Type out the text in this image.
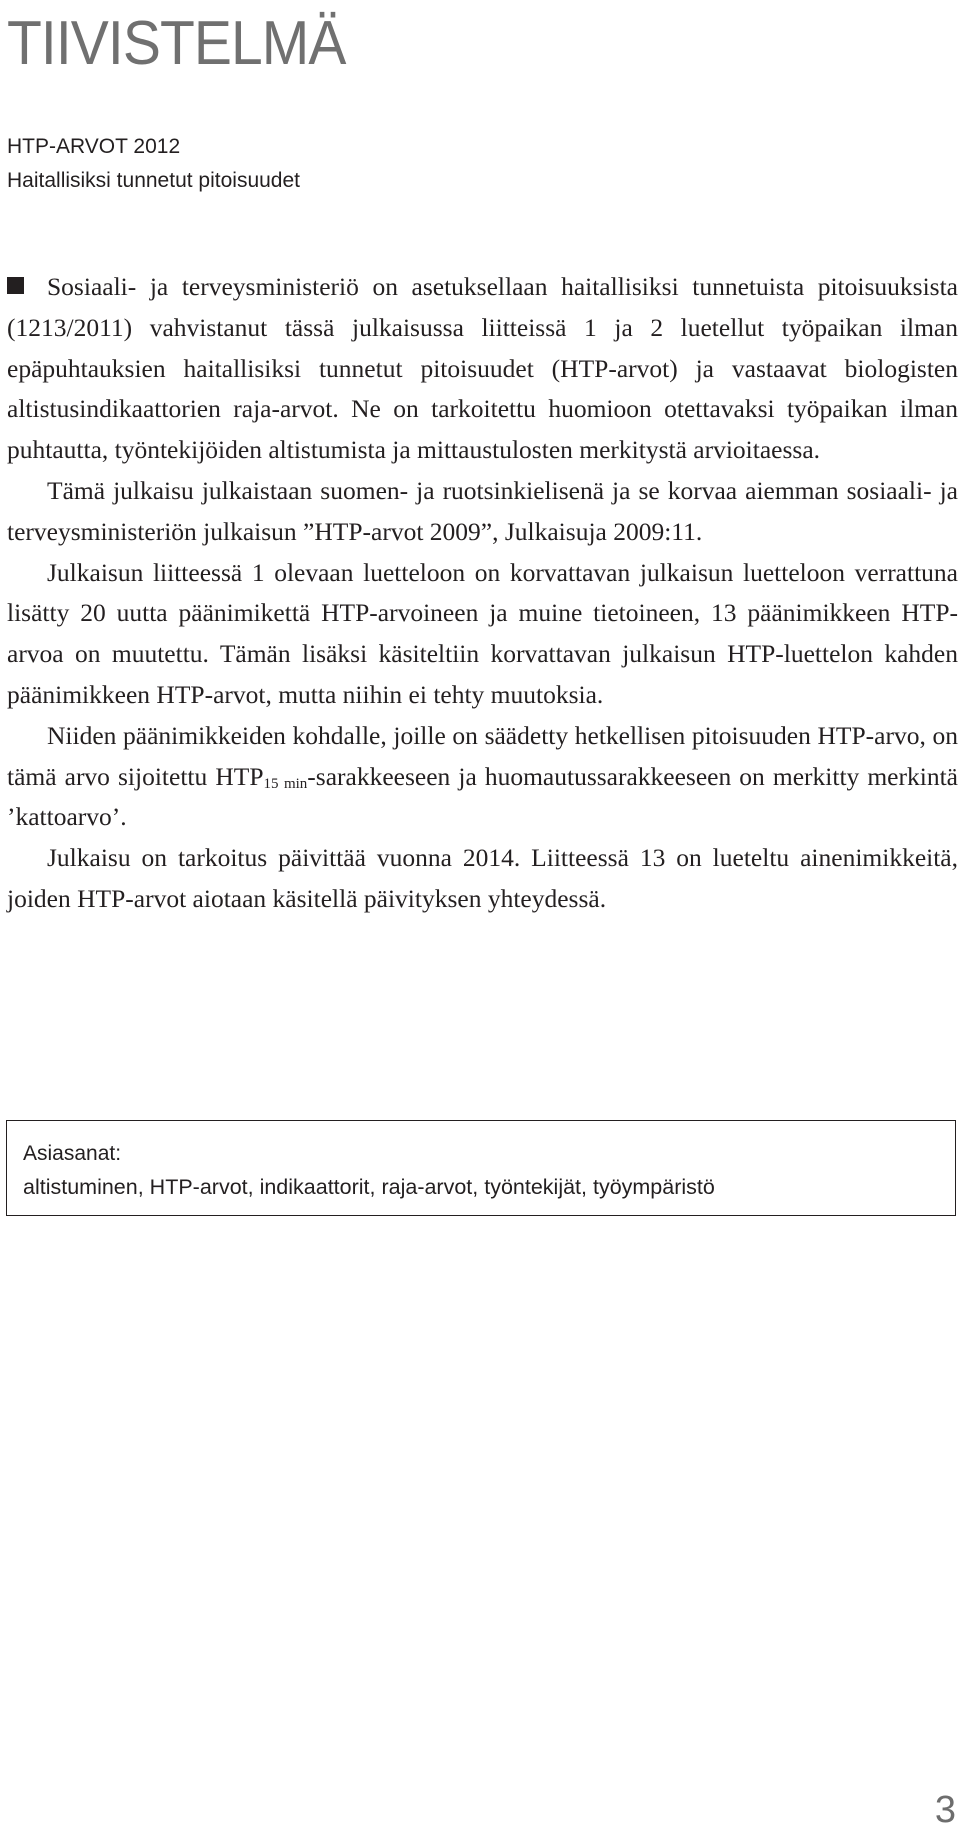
TIIVISTELMÄ
HTP-ARVOT 2012
Haitallisiksi tunnetut pitoisuudet

Sosiaali- ja terveysministeriö on asetuksellaan haitallisiksi tunnetuista pitoisuuksista (1213/2011) vahvistanut tässä julkaisussa liitteissä 1 ja 2 luetellut työpaikan ilman epäpuhtauksien haitallisiksi tunnetut pitoisuudet (HTP-arvot) ja vastaavat biologisten altistusindikaattorien raja-arvot. Ne on tarkoitettu huomioon otettavaksi työpaikan ilman puhtautta, työntekijöiden altistumista ja mittaustulosten merkitystä arvioitaessa.

Tämä julkaisu julkaistaan suomen- ja ruotsinkielisenä ja se korvaa aiemman sosiaali- ja terveysministeriön julkaisun ”HTP-arvot 2009”, Julkaisuja 2009:11.

Julkaisun liitteessä 1 olevaan luetteloon on korvattavan julkaisun luetteloon verrattuna lisätty 20 uutta päänimikettä HTP-arvoineen ja muine tietoineen, 13 päänimikkeen HTP-arvoa on muutettu. Tämän lisäksi käsiteltiin korvattavan julkaisun HTP-luettelon kahden päänimikkeen HTP-arvot, mutta niihin ei tehty muutoksia.

Niiden päänimikkeiden kohdalle, joille on säädetty hetkellisen pitoisuuden HTP-arvo, on tämä arvo sijoitettu $HTP_{15 min}$-sarakkeeseen ja huomautussarakkeeseen on merkitty merkintä ’kattoarvo’.

Julkaisu on tarkoitus päivittää vuonna 2014. Liitteessä 13 on lueteltu ainenimikkeitä, joiden HTP-arvot aiotaan käsitellä päivityksen yhteydessä.

Asiasanat:
altistuminen, HTP-arvot, indikaattorit, raja-arvot, työntekijät, työympäristö
3
